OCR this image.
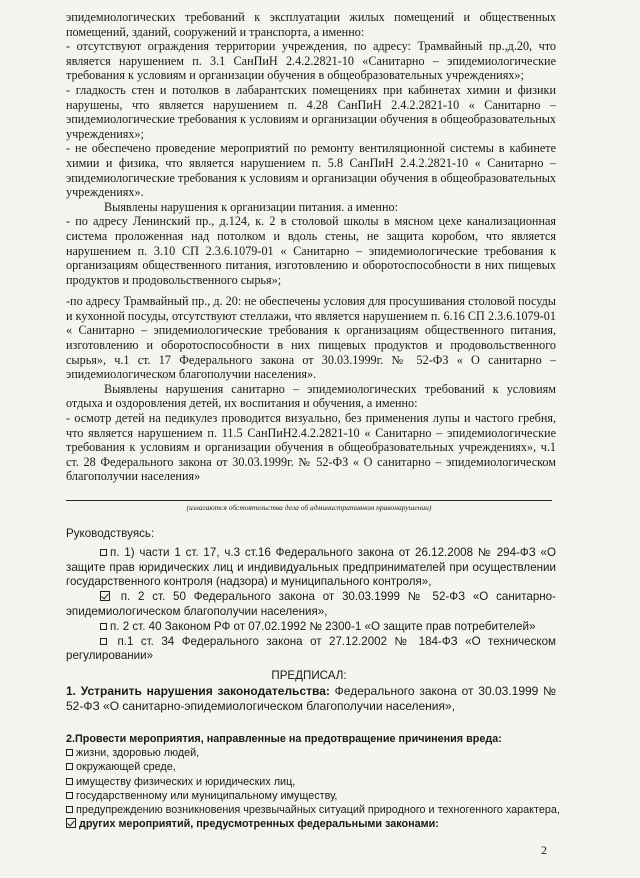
эпидемиологических требований к эксплуатации жилых помещений и общественных помещений, зданий, сооружений и транспорта, а именно:

- отсутствуют ограждения территории учреждения, по адресу: Трамвайный пр.,д.20, что является нарушением п. 3.1 СанПиН 2.4.2.2821-10 «Санитарно – эпидемиологические требования к условиям и организации обучения в общеобразовательных учреждениях»;

- гладкость стен и потолков в лабарантских помещениях при кабинетах химии и физики нарушены, что является нарушением п. 4.28 СанПиН 2.4.2.2821-10 « Санитарно – эпидемиологические требования к условиям и организации обучения в общеобразовательных учреждениях»;

- не обеспечено проведение мероприятий по ремонту вентиляционной системы в кабинете химии и физика, что является нарушением п. 5.8 СанПиН 2.4.2.2821-10 « Санитарно – эпидемиологические требования к условиям и организации обучения в общеобразовательных учреждениях».

Выявлены нарушения к организации питания. а именно:

- по адресу Ленинский пр., д.124, к. 2 в столовой школы в мясном цехе канализационная система проложенная над потолком и вдоль стены, не защита коробом, что является нарушением п. 3.10 СП 2.3.6.1079-01 « Санитарно – эпидемиологические требования к организациям общественного питания, изготовлению и оборотоспособности в них пищевых продуктов и продовольственного сырья»;

-по адресу Трамвайный пр., д. 20: не обеспечены условия для просушивания столовой посуды и кухонной посуды, отсутствуют стеллажи, что является нарушением п. 6.16 СП 2.3.6.1079-01 « Санитарно – эпидемиологические требования к организациям общественного питания, изготовлению и оборотоспособности в них пищевых продуктов и продовольственного сырья», ч.1 ст. 17 Федерального закона от 30.03.1999г. № 52-ФЗ « О санитарно – эпидемиологическом благополучии населения».

Выявлены нарушения санитарно – эпидемиологических требований к условиям отдыха и оздоровления детей, их воспитания и обучения, а именно:

- осмотр детей на педикулез проводится визуально, без применения лупы и частого гребня, что является нарушением п. 11.5 СанПиН2.4.2.2821-10 « Санитарно – эпидемиологические требования к условиям и организации обучения в общеобразовательных учреждениях», ч.1 ст. 28 Федерального закона от 30.03.1999г. № 52-ФЗ « О санитарно – эпидемиологическом благополучии населения»

(излагаются обстоятельства дела об административном правонарушении)

Руководствуясь:

п. 1) части 1 ст. 17, ч.3 ст.16 Федерального закона от 26.12.2008 № 294-ФЗ «О защите прав юридических лиц и индивидуальных предпринимателей при осуществлении государственного контроля (надзора) и муниципального контроля»,

п. 2 ст. 50 Федерального закона от 30.03.1999 № 52-ФЗ «О санитарно-эпидемиологическом благополучии населения»,

п. 2 ст. 40 Законом РФ от 07.02.1992 № 2300-1 «О защите прав потребителей»

п.1 ст. 34 Федерального закона от 27.12.2002 № 184-ФЗ «О техническом регулировании»

ПРЕДПИСАЛ:
1. Устранить нарушения законодательства: Федерального закона от 30.03.1999 № 52-ФЗ «О санитарно-эпидемиологическом благополучии населения»,

2.Провести мероприятия, направленные на предотвращение причинения вреда:

жизни, здоровью людей,

окружающей среде,

имуществу физических и юридических лиц,

государственному или муниципальному имуществу,

предупреждению возникновения чрезвычайных ситуаций природного и техногенного характера,

других мероприятий, предусмотренных федеральными законами:

2
